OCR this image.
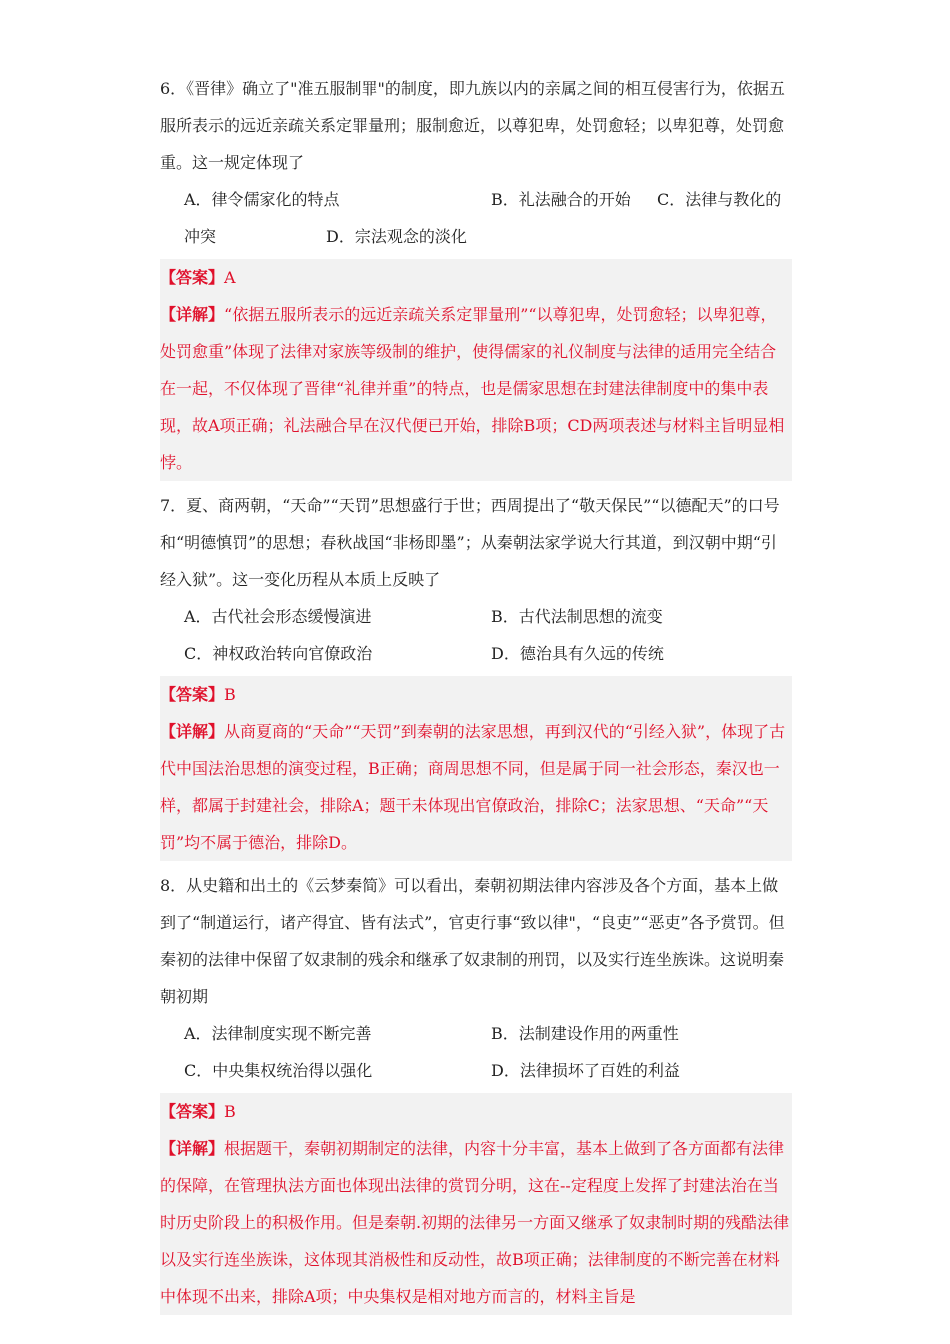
6．《晋律》确立了"准五服制罪"的制度，即九族以内的亲属之间的相互侵害行为，依据五服所表示的远近亲疏关系定罪量刑；服制愈近，以尊犯卑，处罚愈轻；以卑犯尊，处罚愈重。这一规定体现了

A．律令儒家化的特点	B．礼法融合的开始	C．法律与教化的
冲突	D．宗法观念的淡化

【答案】A

【详解】“依据五服所表示的远近亲疏关系定罪量刑”“以尊犯卑，处罚愈轻；以卑犯尊，处罚愈重”体现了法律对家族等级制的维护，使得儒家的礼仪制度与法律的适用完全结合在一起，不仅体现了晋律“礼律并重”的特点，也是儒家思想在封建法律制度中的集中表现，故A项正确；礼法融合早在汉代便已开始，排除B项；CD两项表述与材料主旨明显相悖。

7．夏、商两朝，“天命”“天罚”思想盛行于世；西周提出了“敬天保民”“以德配天”的口号和“明德慎罚”的思想；春秋战国“非杨即墨”；从秦朝法家学说大行其道，到汉朝中期“引经入狱”。这一变化历程从本质上反映了

A．古代社会形态缓慢演进	B．古代法制思想的流变
C．神权政治转向官僚政治	D．德治具有久远的传统

【答案】B

【详解】从商夏商的“天命”“天罚”到秦朝的法家思想，再到汉代的“引经入狱”，体现了古代中国法治思想的演变过程，B正确；商周思想不同，但是属于同一社会形态，秦汉也一样，都属于封建社会，排除A；题干未体现出官僚政治，排除C；法家思想、“天命”“天罚”均不属于德治，排除D。

8．从史籍和出土的《云梦秦简》可以看出，秦朝初期法律内容涉及各个方面，基本上做到了“制道运行，诸产得宜、皆有法式”，官吏行事“致以律"，“良吏”“恶吏”各予赏罚。但秦初的法律中保留了奴隶制的残余和继承了奴隶制的刑罚，以及实行连坐族诛。这说明秦朝初期

A．法律制度实现不断完善	B．法制建设作用的两重性
C．中央集权统治得以强化	D．法律损坏了百姓的利益

【答案】B

【详解】根据题干，秦朝初期制定的法律，内容十分丰富，基本上做到了各方面都有法律的保障，在管理执法方面也体现出法律的赏罚分明，这在--定程度上发挥了封建法治在当时历史阶段上的积极作用。但是秦朝.初期的法律另一方面又继承了奴隶制时期的残酷法律以及实行连坐族诛，这体现其消极性和反动性，故B项正确；法律制度的不断完善在材料中体现不出来，排除A项；中央集权是相对地方而言的，材料主旨是
